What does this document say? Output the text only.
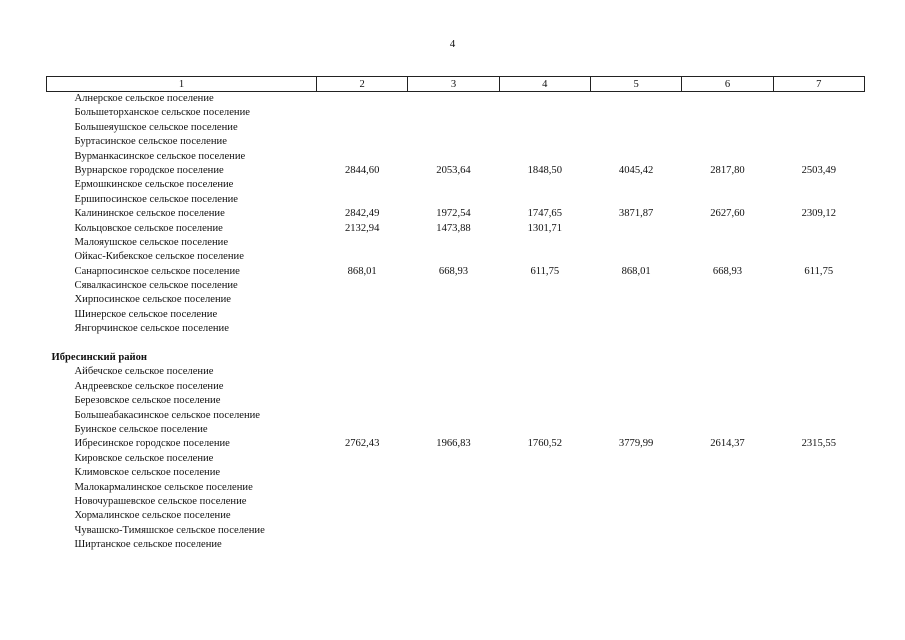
4
1	2	3	4	5	6	7
Алнерское сельское поселение						
Большеторханское сельское поселение						
Большеяушское сельское поселение						
Буртасинское сельское поселение						
Вурманкасинское сельское поселение						
Вурнарское городское поселение	2844,60	2053,64	1848,50	4045,42	2817,80	2503,49
Ермошкинское сельское поселение						
Ершипосинское сельское поселение						
Калининское сельское поселение	2842,49	1972,54	1747,65	3871,87	2627,60	2309,12
Кольцовское сельское поселение	2132,94	1473,88	1301,71			
Малояушское сельское поселение						
Ойкас-Кибекское сельское поселение						
Санарпосинское сельское поселение	868,01	668,93	611,75	868,01	668,93	611,75
Сявалкасинское сельское поселение						
Хирпосинское сельское поселение						
Шинерское сельское поселение						
Янгорчинское сельское поселение						

Ибресинский район						
Айбечское сельское поселение						
Андреевское сельское поселение						
Березовское сельское поселение						
Большеабакасинское сельское поселение						
Буинское сельское поселение						
Ибресинское городское поселение	2762,43	1966,83	1760,52	3779,99	2614,37	2315,55
Кировское сельское поселение						
Климовское сельское поселение						
Малокармалинское сельское поселение						
Новочурашевское сельское поселение						
Хормалинское сельское поселение						
Чувашско-Тимяшское сельское поселение						
Ширтанское сельское поселение						
